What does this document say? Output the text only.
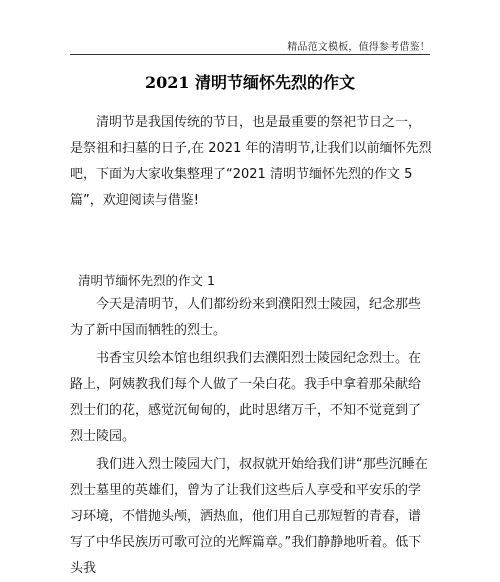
精品范文模板，值得参考借鉴！
2021 清明节缅怀先烈的作文

清明节是我国传统的节日，也是最重要的祭祀节日之一，是祭祖和扫墓的日子,在 2021 年的清明节,让我们以前缅怀先烈吧，下面为大家收集整理了“2021 清明节缅怀先烈的作文 5 篇”，欢迎阅读与借鉴!

清明节缅怀先烈的作文 1

今天是清明节，人们都纷纷来到濮阳烈士陵园，纪念那些为了新中国而牺牲的烈士。

书香宝贝绘本馆也组织我们去濮阳烈士陵园纪念烈士。在路上，阿姨教我们每个人做了一朵白花。我手中拿着那朵献给烈士们的花，感觉沉甸甸的，此时思绪万千，不知不觉竟到了烈士陵园。

我们进入烈士陵园大门，叔叔就开始给我们讲“那些沉睡在烈士墓里的英雄们，曾为了让我们这些后人享受和平安乐的学习环境，不惜抛头颅，洒热血，他们用自己那短暂的青春，谱写了中华民族历可歌可泣的光辉篇章。”我们静静地听着。低下头我
